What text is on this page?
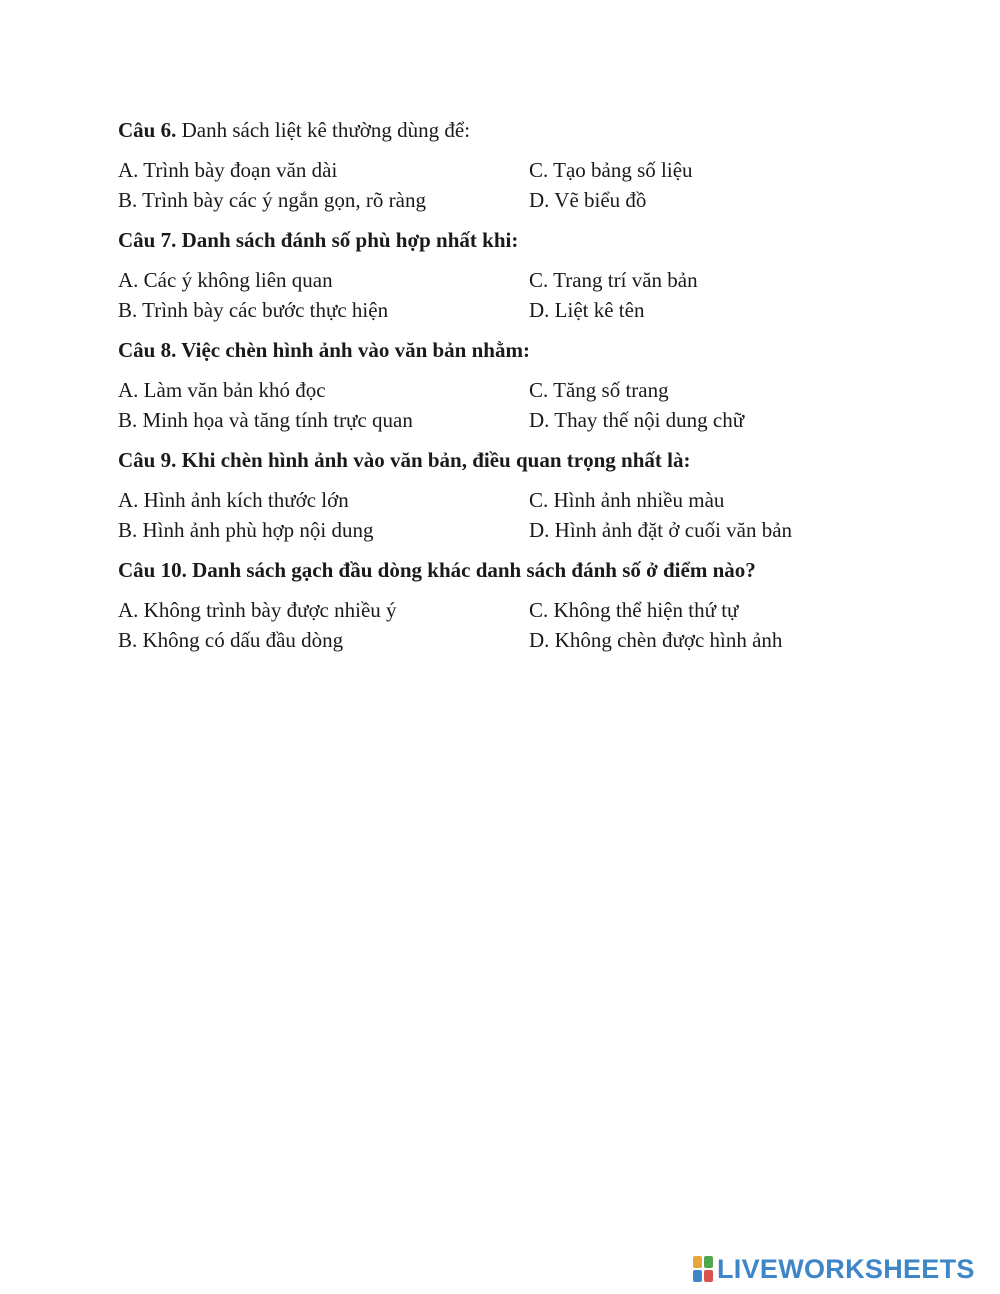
Câu 6. Danh sách liệt kê thường dùng để:
A. Trình bày đoạn văn dài	C. Tạo bảng số liệu
B. Trình bày các ý ngắn gọn, rõ ràng	D. Vẽ biểu đồ
Câu 7. Danh sách đánh số phù hợp nhất khi:
A. Các ý không liên quan	C. Trang trí văn bản
B. Trình bày các bước thực hiện	D. Liệt kê tên
Câu 8. Việc chèn hình ảnh vào văn bản nhằm:
A. Làm văn bản khó đọc	C. Tăng số trang
B. Minh họa và tăng tính trực quan	D. Thay thế nội dung chữ
Câu 9. Khi chèn hình ảnh vào văn bản, điều quan trọng nhất là:
A. Hình ảnh kích thước lớn	C. Hình ảnh nhiều màu
B. Hình ảnh phù hợp nội dung	D. Hình ảnh đặt ở cuối văn bản
Câu 10. Danh sách gạch đầu dòng khác danh sách đánh số ở điểm nào?
A. Không trình bày được nhiều ý	C. Không thể hiện thứ tự
B. Không có dấu đầu dòng	D. Không chèn được hình ảnh
LIVEWORKSHEETS
